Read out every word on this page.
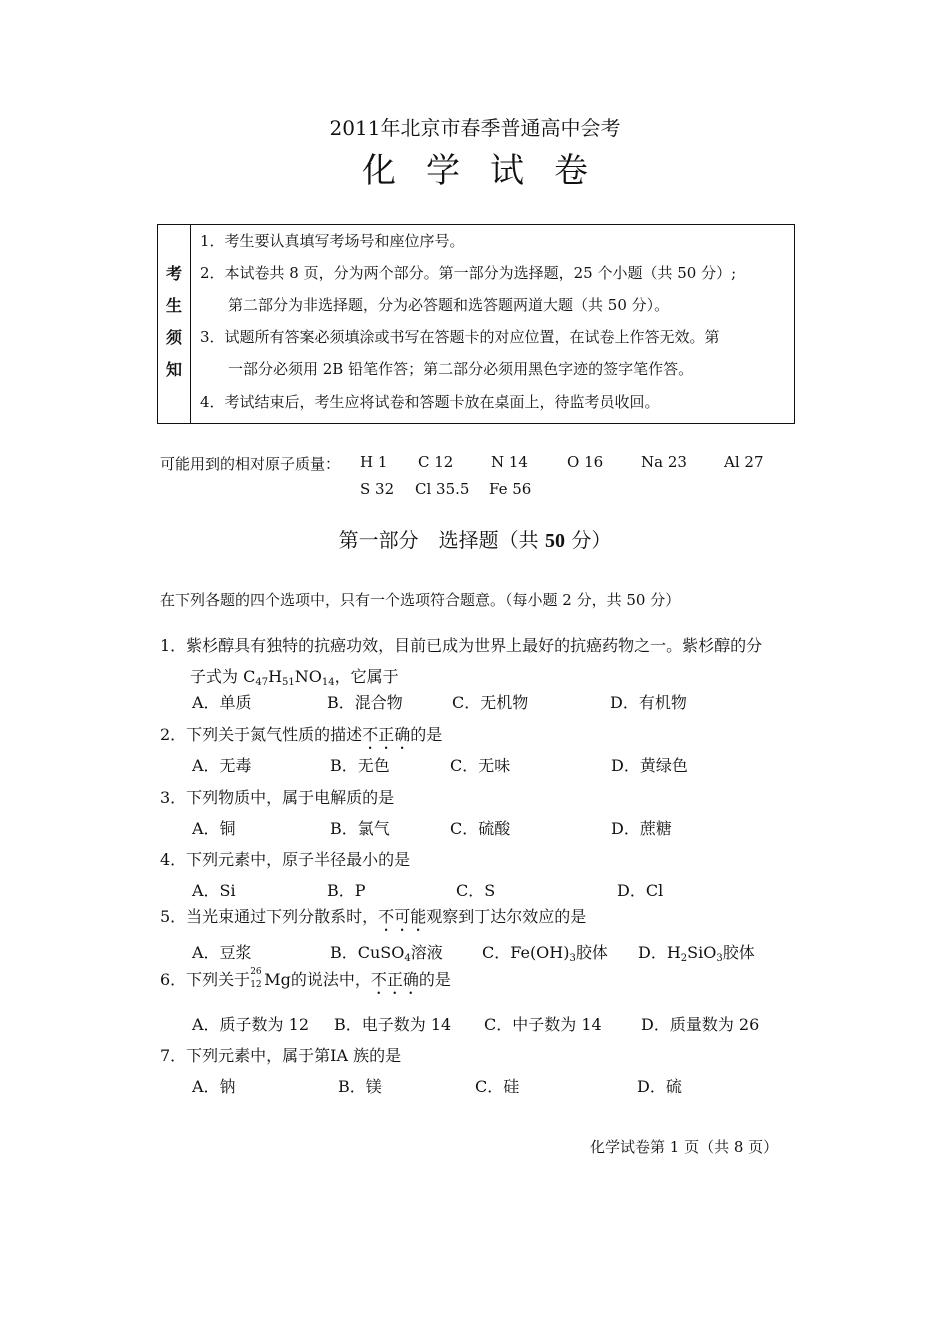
2011年北京市春季普通高中会考
化学试卷
考
生
须
知
1．考生要认真填写考场号和座位序号。
2．本试卷共 8 页，分为两个部分。第一部分为选择题，25 个小题（共 50 分）;
第二部分为非选择题，分为必答题和选答题两道大题（共 50 分）。
3．试题所有答案必须填涂或书写在答题卡的对应位置，在试卷上作答无效。第
一部分必须用 2B 铅笔作答；第二部分必须用黑色字迹的签字笔作答。
4．考试结束后，考生应将试卷和答题卡放在桌面上，待监考员收回。
可能用到的相对原子质量： H 1 C 12	N 14	O 16	Na 23 Al 27
S 32 Cl 35.5 Fe 56
第一部分　选择题（共 50 分）
在下列各题的四个选项中，只有一个选项符合题意。（每小题 2 分，共 50 分）
1．紫杉醇具有独特的抗癌功效，目前已成为世界上最好的抗癌药物之一。紫杉醇的分
子式为 $C_{47}H_{51}NO_{14}$，它属于
A．单质	B．混合物	C．无机物	D．有机物
2．下列关于氮气性质的描述不正确的是
A．无毒	B．无色	C．无味	D．黄绿色
3．下列物质中，属于电解质的是
A．铜	B．氯气	C．硫酸	D．蔗糖
4．下列元素中，原子半径最小的是
A．Si	B．P	C．S	D．Cl
5．当光束通过下列分散系时，不可能观察到丁达尔效应的是
A．豆浆	B．CuSO$_4$溶液 C．$Fe(OH)_3$胶体 D．$H_2SiO_3$胶体
6．下列关于 26
12 Mg的说法中，不正确的是
A．质子数为 12 B．电子数为 14 C．中子数为 14 D．质量数为 26
7．下列元素中，属于第ⅠA 族的是
A．钠	B．镁	C．硅	D．硫
化学试卷第 1 页（共 8 页）
